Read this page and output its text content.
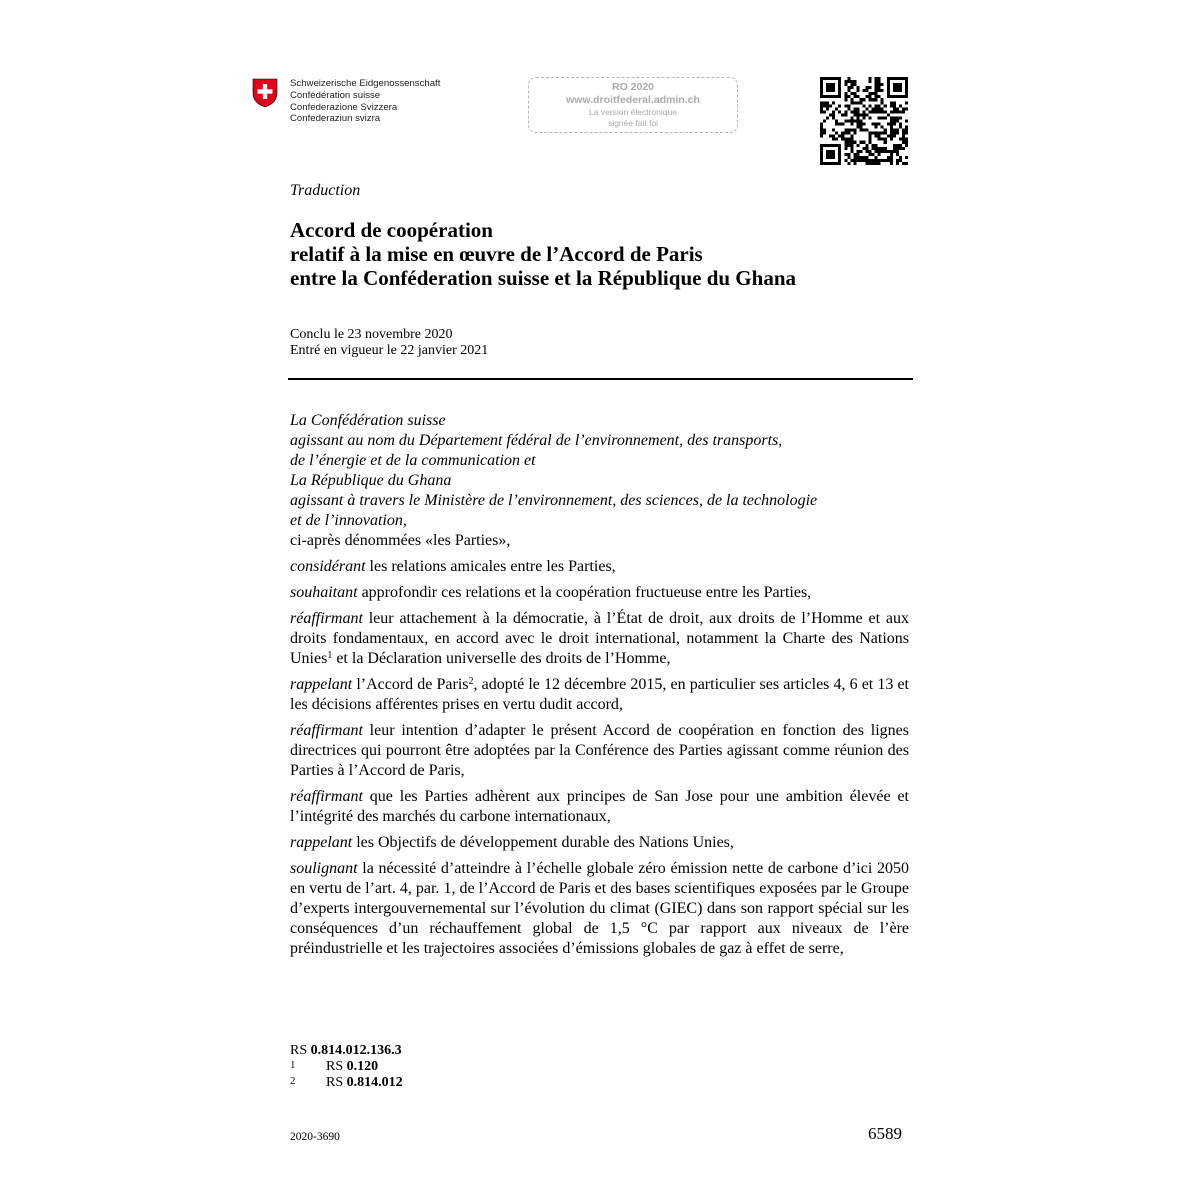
Schweizerische Eidgenossenschaft
Confédération suisse
Confederazione Svizzera
Confederaziun svizra
RO 2020
www.droitfederal.admin.ch
La version électronique
signée fait foi
Traduction
Accord de coopération
relatif à la mise en œuvre de l’Accord de Paris
entre la Conféderation suisse et la République du Ghana
Conclu le 23 novembre 2020
Entré en vigueur le 22 janvier 2021
La Confédération suisse
agissant au nom du Département fédéral de l’environnement, des transports,
de l’énergie et de la communication et
La République du Ghana
agissant à travers le Ministère de l’environnement, des sciences, de la technologie
et de l’innovation,
ci-après dénommées «les Parties»,

considérant les relations amicales entre les Parties,

souhaitant approfondir ces relations et la coopération fructueuse entre les Parties,

réaffirmant leur attachement à la démocratie, à l’État de droit, aux droits de l’Homme et aux droits fondamentaux, en accord avec le droit international, notamment la Charte des Nations Unies$^1$ et la Déclaration universelle des droits de l’Homme,

rappelant l’Accord de Paris$^2$, adopté le 12 décembre 2015, en particulier ses articles 4, 6 et 13 et les décisions afférentes prises en vertu dudit accord,

réaffirmant leur intention d’adapter le présent Accord de coopération en fonction des lignes directrices qui pourront être adoptées par la Conférence des Parties agissant comme réunion des Parties à l’Accord de Paris,

réaffirmant que les Parties adhèrent aux principes de San Jose pour une ambition élevée et l’intégrité des marchés du carbone internationaux,

rappelant les Objectifs de développement durable des Nations Unies,

soulignant la nécessité d’atteindre à l’échelle globale zéro émission nette de carbone d’ici 2050 en vertu de l’art. 4, par. 1, de l’Accord de Paris et des bases scientifiques exposées par le Groupe d’experts intergouvernemental sur l’évolution du climat (GIEC) dans son rapport spécial sur les conséquences d’un réchauffement global de 1,5 °C par rapport aux niveaux de l’ère préindustrielle et les trajectoires associées d’émissions globales de gaz à effet de serre,

RS 0.814.012.136.3
1	RS 0.120
2	RS 0.814.012
2020-3690	6589
